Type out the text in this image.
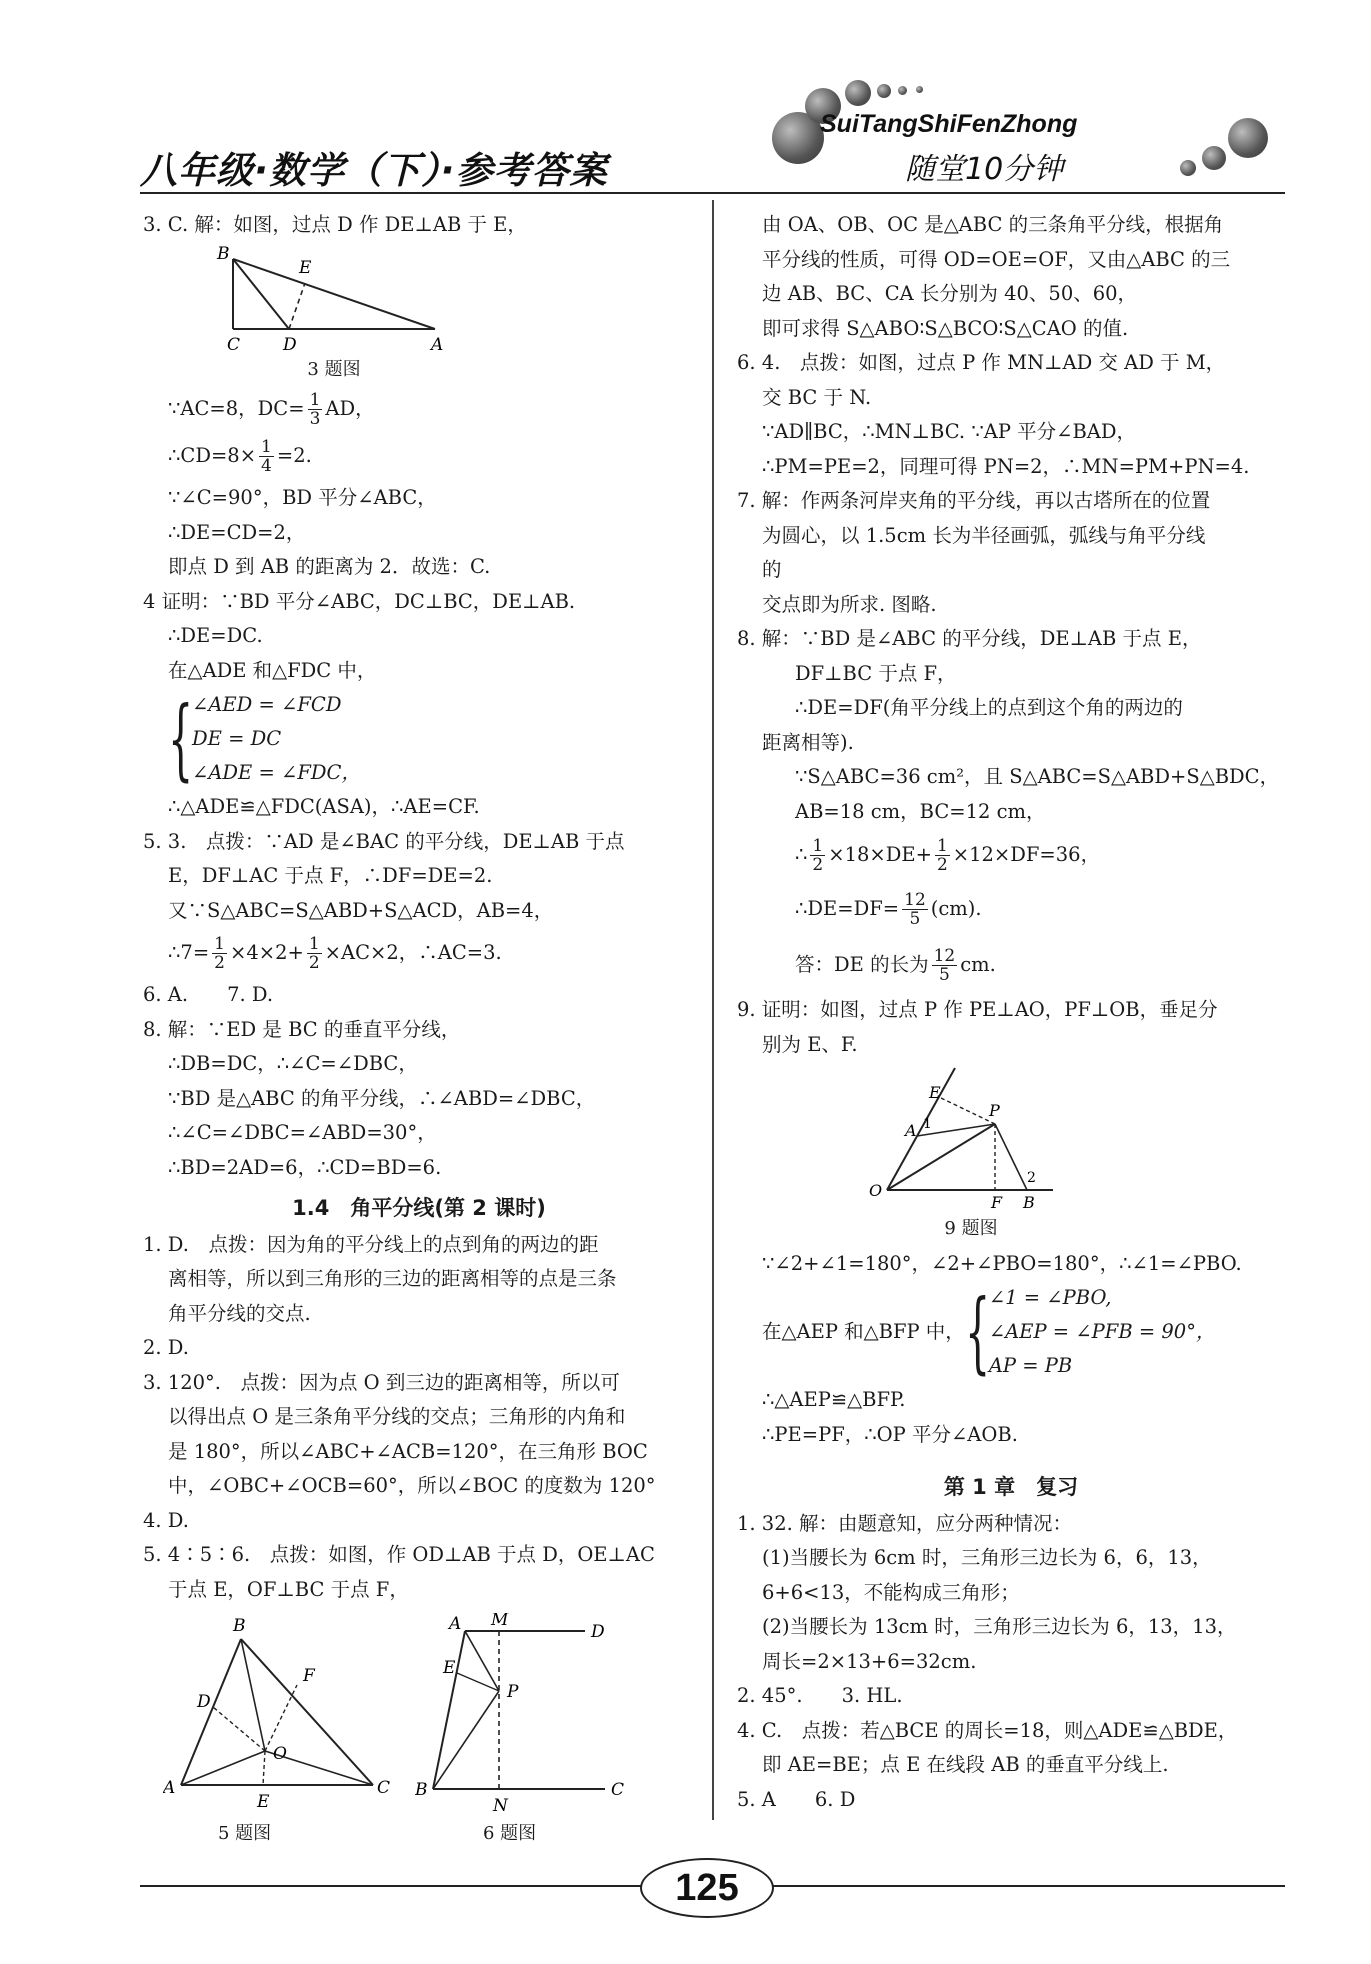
八年级·数学（下）·参考答案
SuiTangShiFenZhong
随堂10分钟
3. C. 解：如图，过点 D 作 DE⊥AB 于 E，
B
E
C	D	A
3 题图
∵AC=8，$DC= \frac{1}{3}$ AD，
∴CD=8× $\frac{1}{4} =2$.
∵∠C=90°，BD 平分∠ABC，
∴DE=CD=2，
即点 D 到 AB 的距离为 2．故选：C.
4 证明：∵BD 平分∠ABC，DC⊥BC，DE⊥AB.
∴DE=DC.
在△ADE 和△FDC 中，
{
∠AED = ∠FCD
DE = DC
∠ADE = ∠FDC，
∴△ADE≌△FDC(ASA)，∴AE=CF.
5. 3.　点拨：∵AD 是∠BAC 的平分线，DE⊥AB 于点
E，DF⊥AC 于点 F，∴DF=DE=2.
又∵S△ABC=S△ABD+S△ACD，AB=4，
∴7= $\frac{1}{2} \times 4\times 2+ \frac{1}{2} \times AC\times 2$，∴AC=3.
6. A.　　7. D.
8. 解：∵ED 是 BC 的垂直平分线，
∴DB=DC，∴∠C=∠DBC，
∵BD 是△ABC 的角平分线，∴∠ABD=∠DBC，
∴∠C=∠DBC=∠ABD=30°，
∴BD=2AD=6，∴CD=BD=6.
1.4　角平分线(第 2 课时)
1. D.　点拨：因为角的平分线上的点到角的两边的距
离相等，所以到三角形的三边的距离相等的点是三条
角平分线的交点.
2. D.
3. 120°.　点拨：因为点 O 到三边的距离相等，所以可
以得出点 O 是三条角平分线的交点；三角形的内角和
是 180°，所以∠ABC+∠ACB=120°，在三角形 BOC
中，∠OBC+∠OCB=60°，所以∠BOC 的度数为 120°
4. D.
5. 4∶5∶6.　点拨：如图，作 OD⊥AB 于点 D，OE⊥AC
于点 E，OF⊥BC 于点 F，
B
D
F
O
A
E
C
A M
D
E
P
B
N
C
5 题图	6 题图
由 OA、OB、OC 是△ABC 的三条角平分线，根据角
平分线的性质，可得 OD=OE=OF，又由△ABC 的三
边 AB、BC、CA 长分别为 40、50、60，
即可求得 S△ABO∶S△BCO∶S△CAO 的值.
6. 4.　点拨：如图，过点 P 作 MN⊥AD 交 AD 于 M，
交 BC 于 N.
∵AD∥BC，∴MN⊥BC. ∵AP 平分∠BAD，
∴PM=PE=2，同理可得 PN=2，∴MN=PM+PN=4.
7. 解：作两条河岸夹角的平分线，再以古塔所在的位置
为圆心，以 1.5cm 长为半径画弧，弧线与角平分线
的
交点即为所求. 图略.
8. 解：∵BD 是∠ABC 的平分线，DE⊥AB 于点 E，
DF⊥BC 于点 F，
∴DE=DF(角平分线上的点到这个角的两边的
距离相等).
∵S△ABC=36 cm²，且 S△ABC=S△ABD+S△BDC，
AB=18 cm，BC=12 cm，
∴ $\frac{1}{2} \times 18\times DE+ \frac{1}{2} \times 12\times DF=36$，
∴DE=DF= $\frac{12}{5} (cm)$.
答：DE 的长为 $\frac{12}{5}$ cm.
9. 证明：如图，过点 P 作 PE⊥AO，PF⊥OB，垂足分
别为 E、F.
E
A 1
P
O
F
2
B
9 题图
∵∠2+∠1=180°，∠2+∠PBO=180°，∴∠1=∠PBO.
在△AEP 和△BFP 中， {
∠1 = ∠PBO,
∠AEP = ∠PFB = 90°，
AP = PB
∴△AEP≌△BFP.
∴PE=PF，∴OP 平分∠AOB.
第 1 章　复习
1. 32. 解：由题意知，应分两种情况：
(1)当腰长为 6cm 时，三角形三边长为 6，6，13，
6+6<13，不能构成三角形；
(2)当腰长为 13cm 时，三角形三边长为 6，13，13，
周长=2×13+6=32cm.
2. 45°.　　3. HL.
4. C.　点拨：若△BCE 的周长=18，则△ADE≌△BDE，
即 AE=BE；点 E 在线段 AB 的垂直平分线上.
5. A　　6. D
125
